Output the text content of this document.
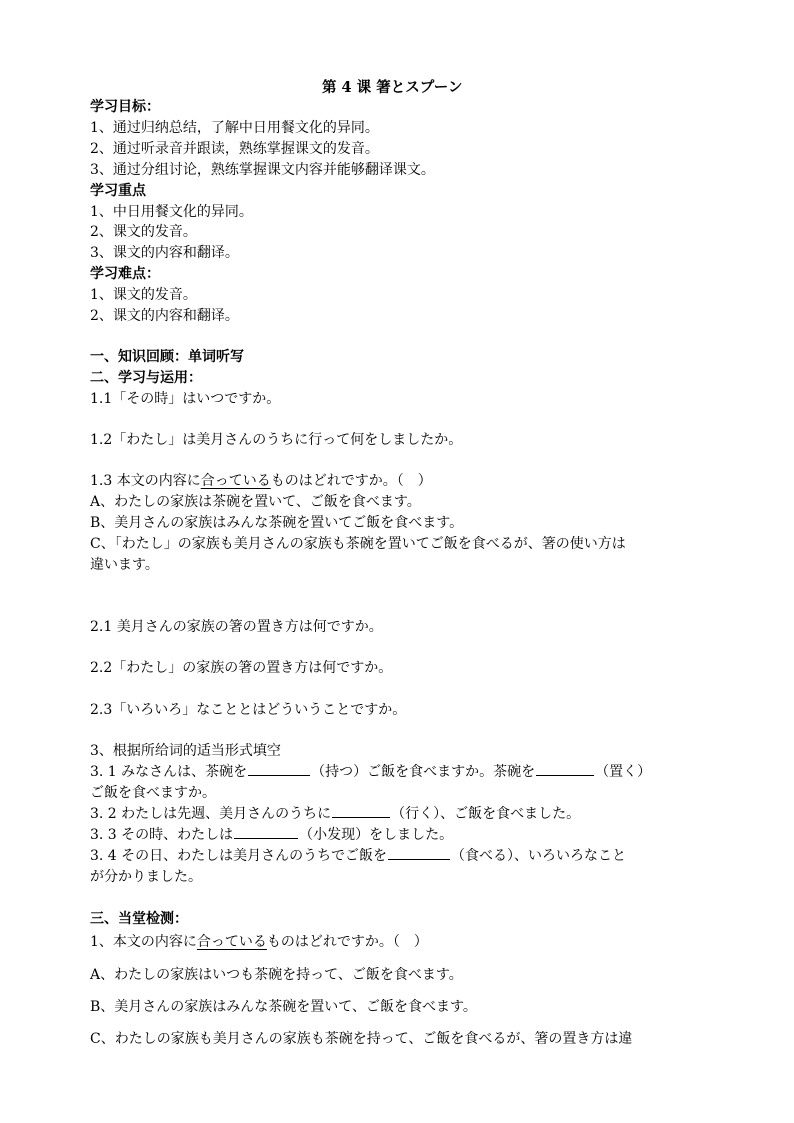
第 4 课 箸とスプーン
学习目标：
1、通过归纳总结，了解中日用餐文化的异同。
2、通过听录音并跟读，熟练掌握课文的发音。
3、通过分组讨论，熟练掌握课文内容并能够翻译课文。
学习重点
1、中日用餐文化的异同。
2、课文的发音。
3、课文的内容和翻译。
学习难点：
1、课文的发音。
2、课文的内容和翻译。
一、知识回顾：单词听写
二、学习与运用：
1.1「その時」はいつですか。
1.2「わたし」は美月さんのうちに行って何をしましたか。
1.3 本文の内容に合っているものはどれですか。（　）
A、わたしの家族は茶碗を置いて、ご飯を食べます。
B、美月さんの家族はみんな茶碗を置いてご飯を食べます。
C、「わたし」の家族も美月さんの家族も茶碗を置いてご飯を食べるが、箸の使い方は
違います。
2.1 美月さんの家族の箸の置き方は何ですか。
2.2「わたし」の家族の箸の置き方は何ですか。
2.3「いろいろ」なこととはどういうことですか。
3、根据所给词的适当形式填空
3. 1 みなさんは、茶碗を	（持つ）ご飯を食べますか。茶碗を	（置く）
ご飯を食べますか。
3. 2 わたしは先週、美月さんのうちに	（行く）、ご飯を食べました。
3. 3 その時、わたしは	（小发现）をしました。
3. 4 その日、わたしは美月さんのうちでご飯を	（食べる）、いろいろなこと
が分かりました。
三、当堂检测：
1、本文の内容に合っているものはどれですか。（　）
A、わたしの家族はいつも茶碗を持って、ご飯を食べます。
B、美月さんの家族はみんな茶碗を置いて、ご飯を食べます。
C、わたしの家族も美月さんの家族も茶碗を持って、ご飯を食べるが、箸の置き方は違
